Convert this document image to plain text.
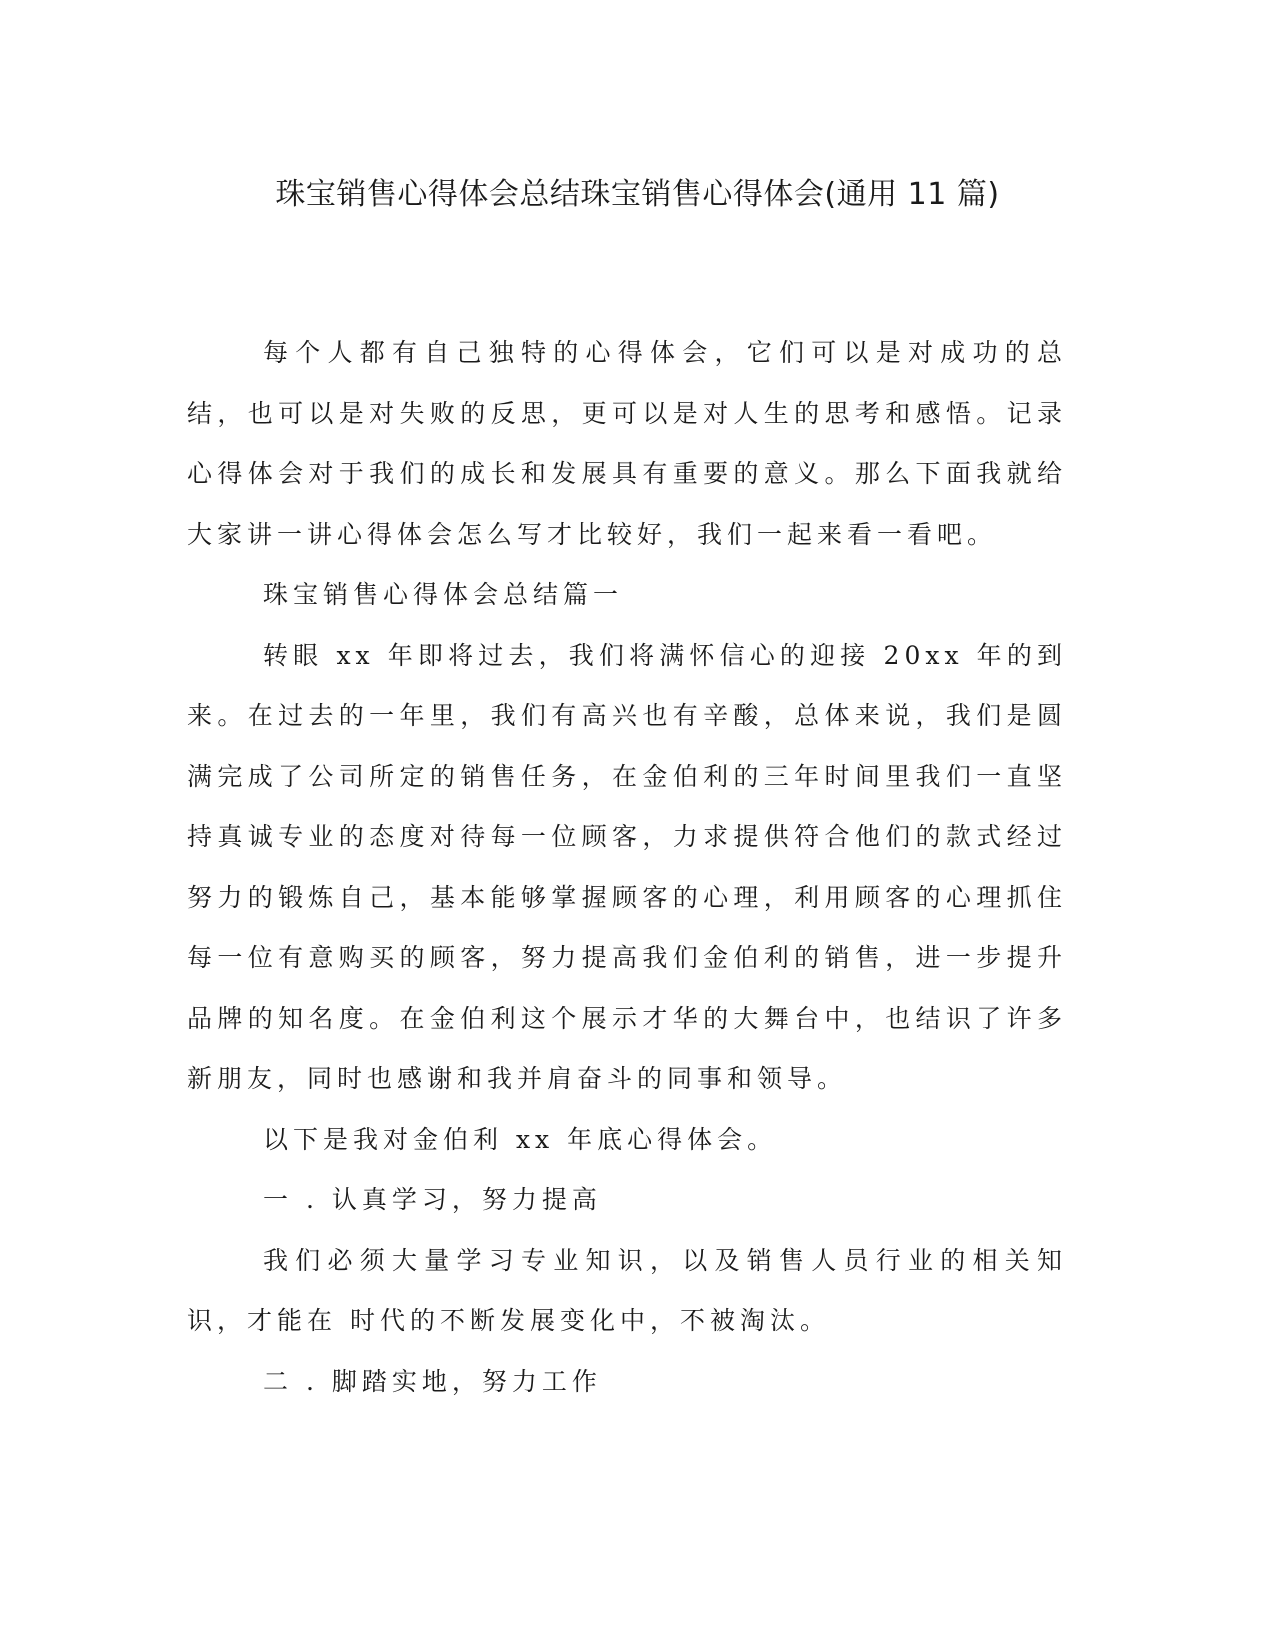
珠宝销售心得体会总结珠宝销售心得体会(通用 11 篇)

每个人都有自己独特的心得体会，它们可以是对成功的总结，也可以是对失败的反思，更可以是对人生的思考和感悟。记录心得体会对于我们的成长和发展具有重要的意义。那么下面我就给大家讲一讲心得体会怎么写才比较好，我们一起来看一看吧。

珠宝销售心得体会总结篇一

转眼 xx 年即将过去，我们将满怀信心的迎接 20xx 年的到来。在过去的一年里，我们有高兴也有辛酸，总体来说，我们是圆满完成了公司所定的销售任务，在金伯利的三年时间里我们一直坚持真诚专业的态度对待每一位顾客，力求提供符合他们的款式经过努力的锻炼自己，基本能够掌握顾客的心理，利用顾客的心理抓住每一位有意购买的顾客，努力提高我们金伯利的销售，进一步提升品牌的知名度。在金伯利这个展示才华的大舞台中，也结识了许多新朋友，同时也感谢和我并肩奋斗的同事和领导。

以下是我对金伯利 xx 年底心得体会。

一 . 认真学习，努力提高

我们必须大量学习专业知识，以及销售人员行业的相关知识，才能在 时代的不断发展变化中，不被淘汰。

二 . 脚踏实地，努力工作
